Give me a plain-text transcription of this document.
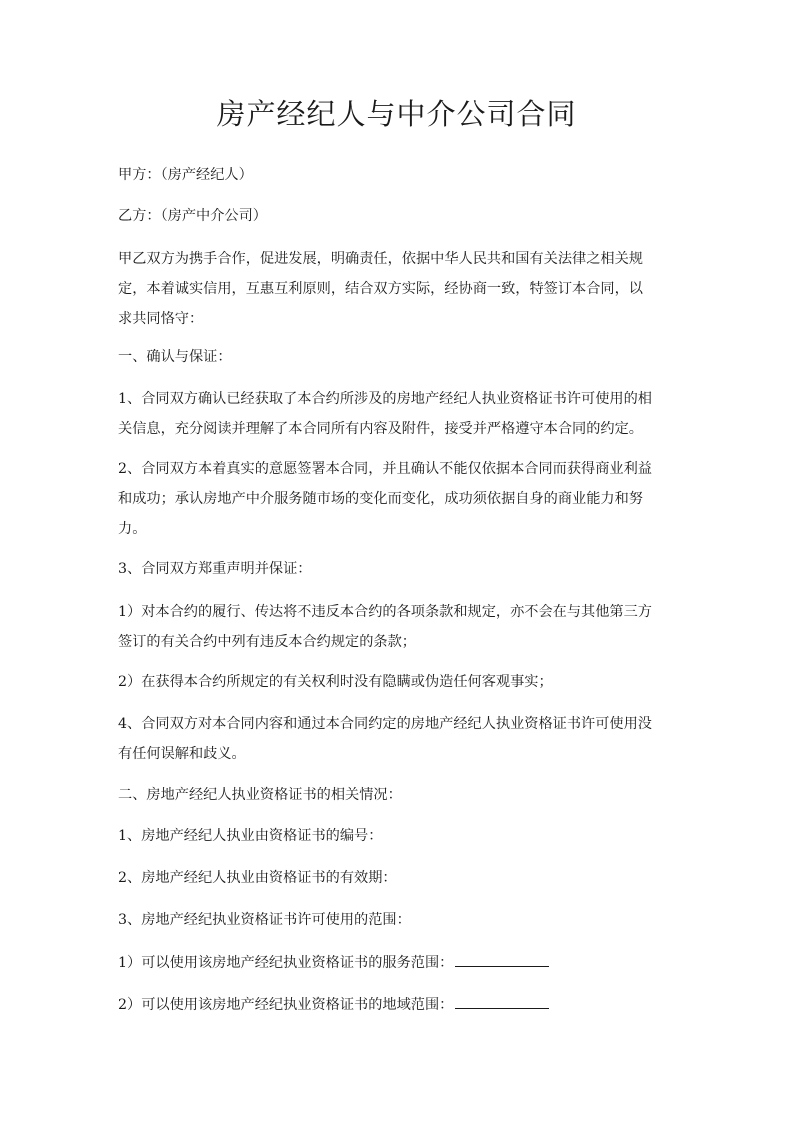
房产经纪人与中介公司合同

甲方：（房产经纪人）

乙方：（房产中介公司）

甲乙双方为携手合作，促进发展，明确责任，依据中华人民共和国有关法律之相关规
定，本着诚实信用，互惠互利原则，结合双方实际，经协商一致，特签订本合同，以
求共同恪守：

一、确认与保证：

1、合同双方确认已经获取了本合约所涉及的房地产经纪人执业资格证书许可使用的相
关信息，充分阅读并理解了本合同所有内容及附件，接受并严格遵守本合同的约定。
2、合同双方本着真实的意愿签署本合同，并且确认不能仅依据本合同而获得商业利益
和成功；承认房地产中介服务随市场的变化而变化，成功须依据自身的商业能力和努
力。

3、合同双方郑重声明并保证：

1）对本合约的履行、传达将不违反本合约的各项条款和规定，亦不会在与其他第三方
签订的有关合约中列有违反本合约规定的条款；

2）在获得本合约所规定的有关权利时没有隐瞒或伪造任何客观事实；

4、合同双方对本合同内容和通过本合同约定的房地产经纪人执业资格证书许可使用没
有任何误解和歧义。

二、房地产经纪人执业资格证书的相关情况：

1、房地产经纪人执业由资格证书的编号：

2、房地产经纪人执业由资格证书的有效期：

3、房地产经纪执业资格证书许可使用的范围：

1）可以使用该房地产经纪执业资格证书的服务范围：

2）可以使用该房地产经纪执业资格证书的地域范围：
